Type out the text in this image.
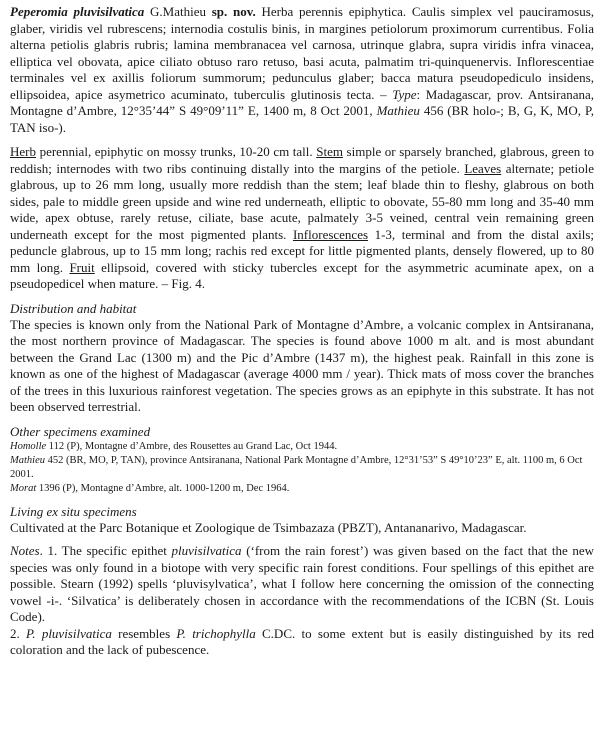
Peperomia pluvisilvatica G.Mathieu sp. nov. Herba perennis epiphytica. Caulis simplex vel pauciramosus, glaber, viridis vel rubrescens; internodia costulis binis, in margines petiolorum proximorum currentibus. Folia alterna petiolis glabris rubris; lamina membranacea vel carnosa, utrinque glabra, supra viridis infra vinacea, elliptica vel obovata, apice ciliato obtuso raro retuso, basi acuta, palmatim tri-quinquenervis. Inflorescentiae terminales vel ex axillis foliorum summorum; pedunculus glaber; bacca matura pseudopediculo insidens, ellipsoidea, apice asymetrico acuminato, tuberculis glutinosis tecta. – Type: Madagascar, prov. Antsiranana, Montagne d’Ambre, 12°35’44” S 49°09’11” E, 1400 m, 8 Oct 2001, Mathieu 456 (BR holo-; B, G, K, MO, P, TAN iso-).

Herb perennial, epiphytic on mossy trunks, 10-20 cm tall. Stem simple or sparsely branched, glabrous, green to reddish; internodes with two ribs continuing distally into the margins of the petiole. Leaves alternate; petiole glabrous, up to 26 mm long, usually more reddish than the stem; leaf blade thin to fleshy, glabrous on both sides, pale to middle green upside and wine red underneath, elliptic to obovate, 55-80 mm long and 35-40 mm wide, apex obtuse, rarely retuse, ciliate, base acute, palmately 3-5 veined, central vein remaining green underneath except for the most pigmented plants. Inflorescences 1-3, terminal and from the distal axils; peduncle glabrous, up to 15 mm long; rachis red except for little pigmented plants, densely flowered, up to 80 mm long. Fruit ellipsoid, covered with sticky tubercles except for the asymmetric acuminate apex, on a pseudopedicel when mature. – Fig. 4.

Distribution and habitat

The species is known only from the National Park of Montagne d’Ambre, a volcanic complex in Antsiranana, the most northern province of Madagascar. The species is found above 1000 m alt. and is most abundant between the Grand Lac (1300 m) and the Pic d’Ambre (1437 m), the highest peak. Rainfall in this zone is known as one of the highest of Madagascar (average 4000 mm / year). Thick mats of moss cover the branches of the trees in this luxurious rainforest vegetation. The species grows as an epiphyte in this substrate. It has not been observed terrestrial.

Other specimens examined

Homolle 112 (P), Montagne d’Ambre, des Rousettes au Grand Lac, Oct 1944.

Mathieu 452 (BR, MO, P, TAN), province Antsiranana, National Park Montagne d’Ambre, 12°31’53” S 49°10’23” E, alt. 1100 m, 6 Oct 2001.

Morat 1396 (P), Montagne d’Ambre, alt. 1000-1200 m, Dec 1964.

Living ex situ specimens

Cultivated at the Parc Botanique et Zoologique de Tsimbazaza (PBZT), Antananarivo, Madagascar.

Notes. 1. The specific epithet pluvisilvatica (‘from the rain forest’) was given based on the fact that the new species was only found in a biotope with very specific rain forest conditions. Four spellings of this epithet are possible. Stearn (1992) spells ‘pluvisylvatica’, what I follow here concerning the omission of the connecting vowel -i-. ‘Silvatica’ is deliberately chosen in accordance with the recommendations of the ICBN (St. Louis Code).

2. P. pluvisilvatica resembles P. trichophylla C.DC. to some extent but is easily distinguished by its red coloration and the lack of pubescence.
